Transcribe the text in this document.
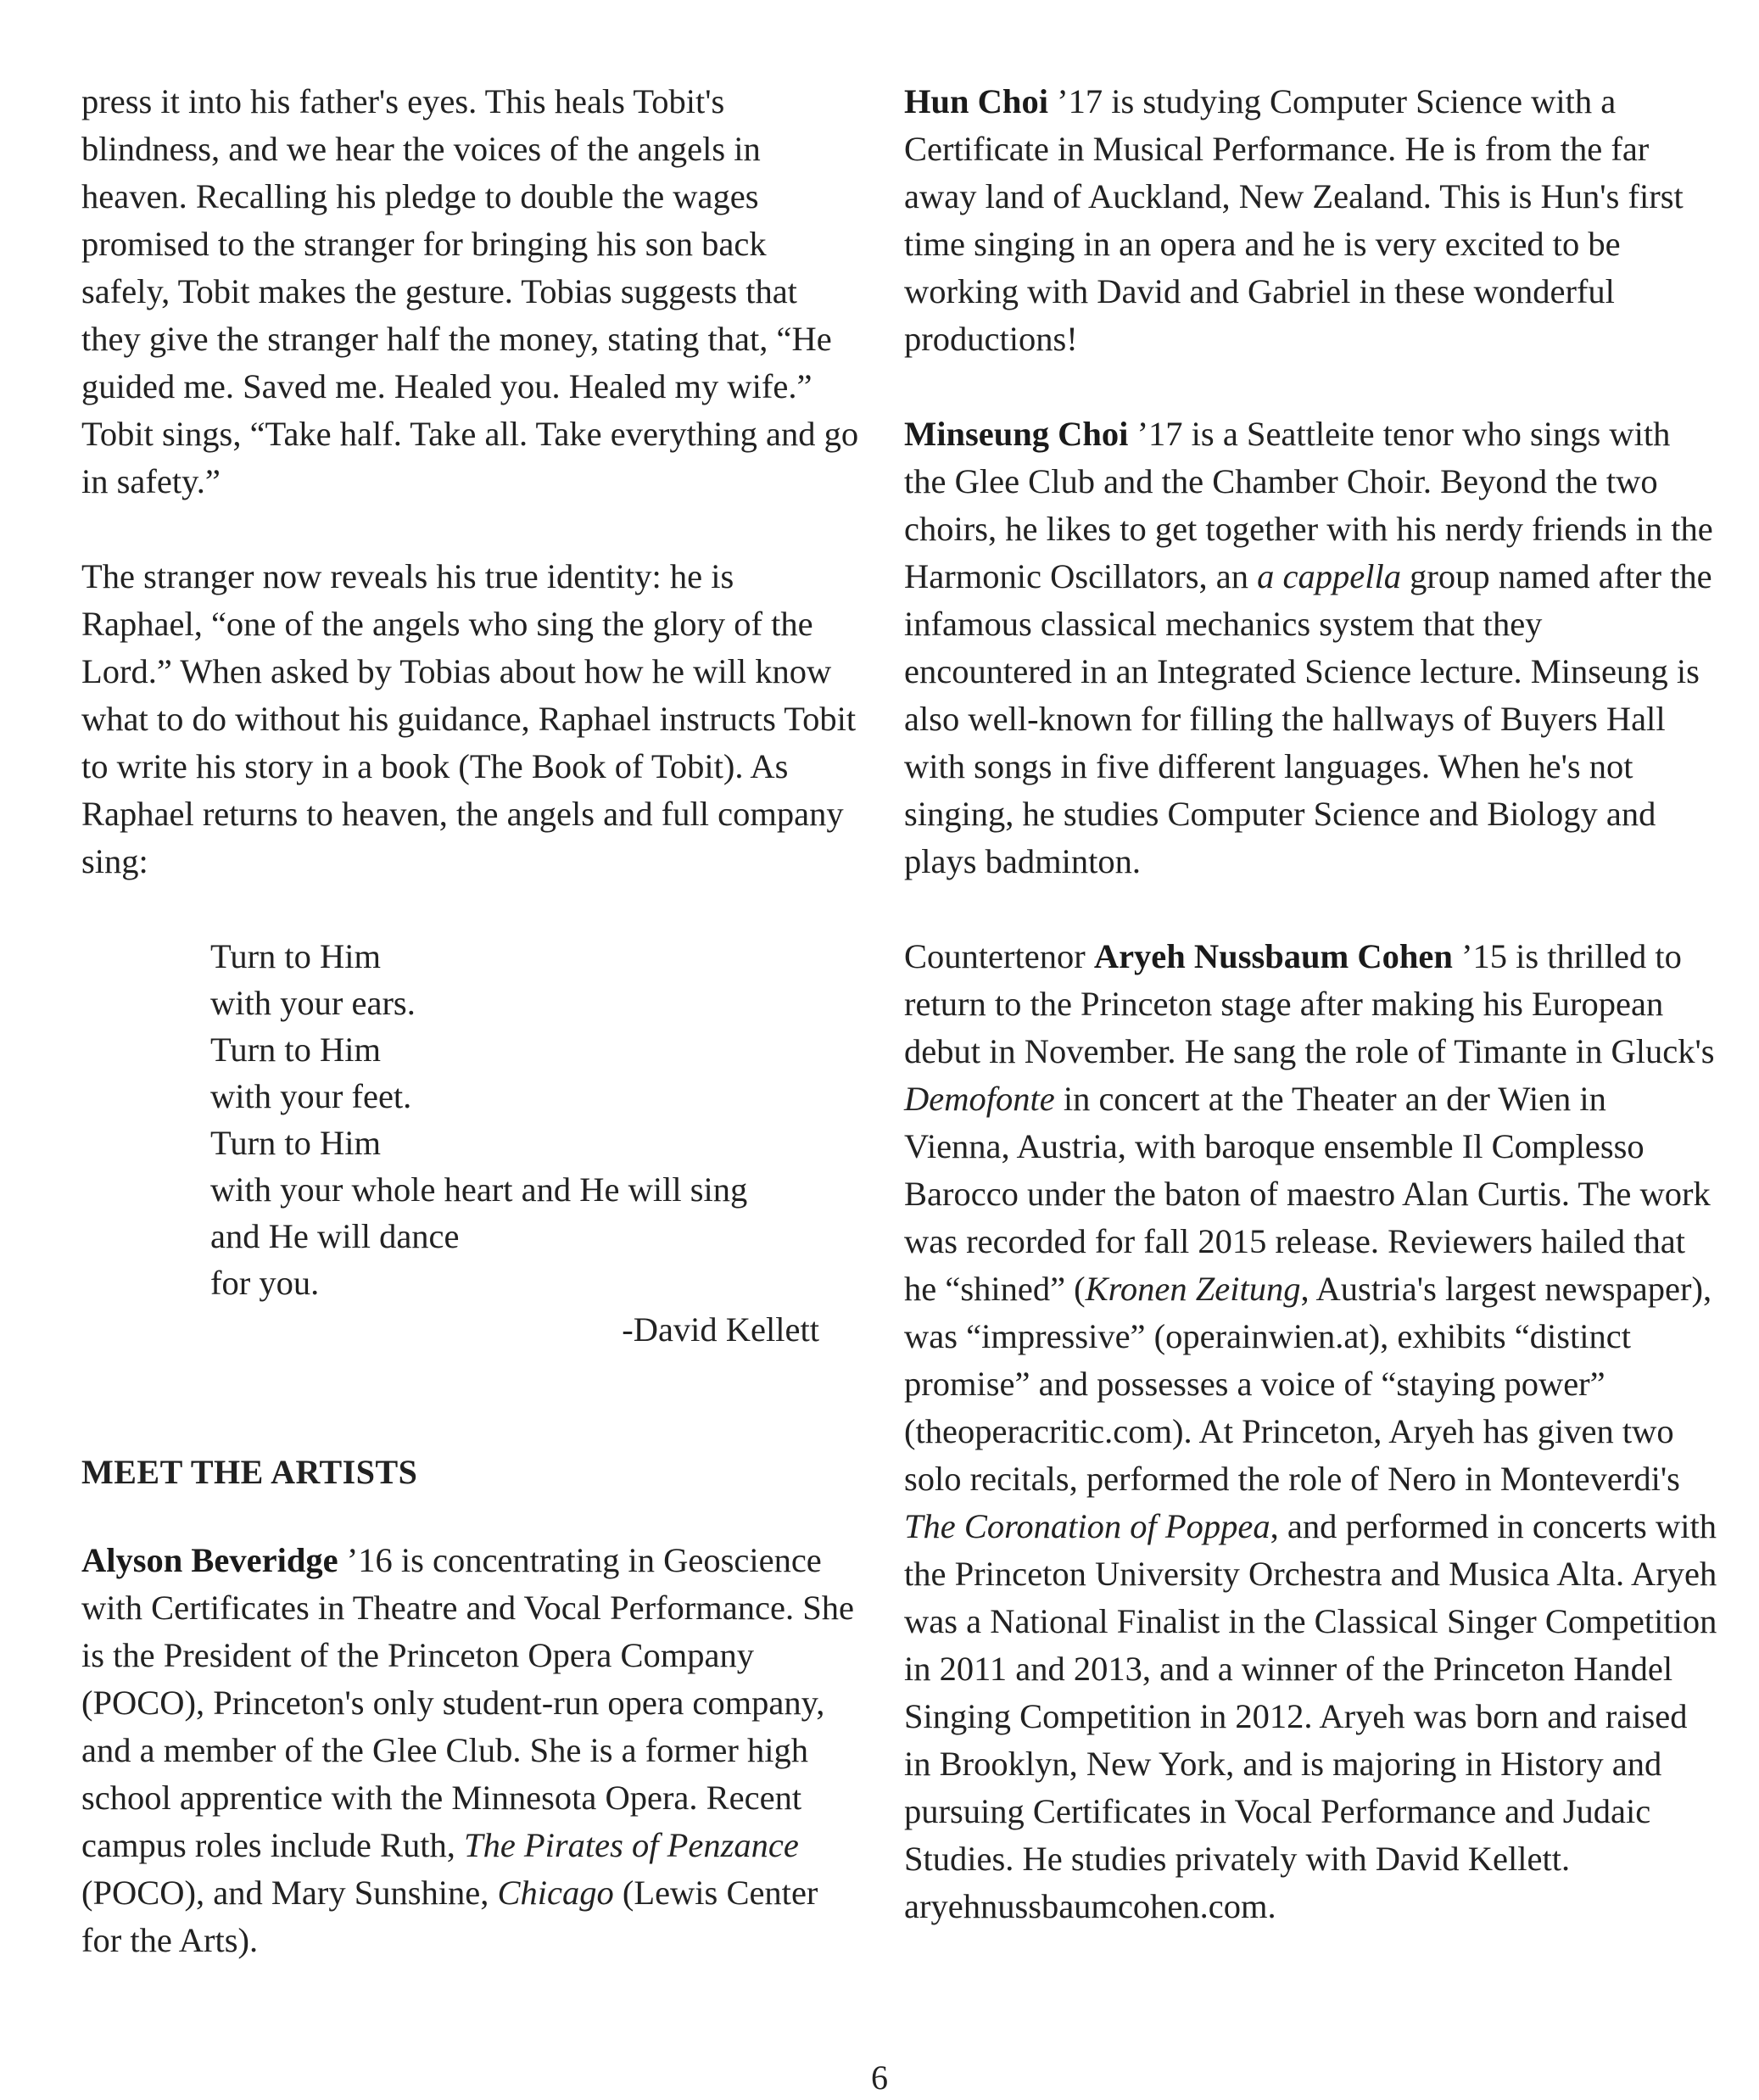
press it into his father's eyes. This heals Tobit's blindness, and we hear the voices of the angels in heaven. Recalling his pledge to double the wages promised to the stranger for bringing his son back safely, Tobit makes the gesture. Tobias suggests that they give the stranger half the money, stating that, “He guided me. Saved me. Healed you. Healed my wife.” Tobit sings, “Take half. Take all. Take everything and go in safety.”

The stranger now reveals his true identity: he is Raphael, “one of the angels who sing the glory of the Lord.” When asked by Tobias about how he will know what to do without his guidance, Raphael instructs Tobit to write his story in a book (The Book of Tobit). As Raphael returns to heaven, the angels and full company sing:

Turn to Him
with your ears.
Turn to Him
with your feet.
Turn to Him
with your whole heart and He will sing
and He will dance
for you.
-David Kellett
MEET THE ARTISTS

Alyson Beveridge ’16 is concentrating in Geoscience with Certificates in Theatre and Vocal Performance. She is the President of the Princeton Opera Company (POCO), Princeton's only student-run opera company, and a member of the Glee Club. She is a former high school apprentice with the Minnesota Opera. Recent campus roles include Ruth, The Pirates of Penzance (POCO), and Mary Sunshine, Chicago (Lewis Center for the Arts).

Hun Choi ’17 is studying Computer Science with a Certificate in Musical Performance. He is from the far away land of Auckland, New Zealand. This is Hun's first time singing in an opera and he is very excited to be working with David and Gabriel in these wonderful productions!

Minseung Choi ’17 is a Seattleite tenor who sings with the Glee Club and the Chamber Choir. Beyond the two choirs, he likes to get together with his nerdy friends in the Harmonic Oscillators, an a cappella group named after the infamous classical mechanics system that they encountered in an Integrated Science lecture. Minseung is also well-known for filling the hallways of Buyers Hall with songs in five different languages. When he's not singing, he studies Computer Science and Biology and plays badminton.

Countertenor Aryeh Nussbaum Cohen ’15 is thrilled to return to the Princeton stage after making his European debut in November. He sang the role of Timante in Gluck's Demofonte in concert at the Theater an der Wien in Vienna, Austria, with baroque ensemble Il Complesso Barocco under the baton of maestro Alan Curtis. The work was recorded for fall 2015 release. Reviewers hailed that he “shined” (Kronen Zeitung, Austria's largest newspaper), was “impressive” (operainwien.at), exhibits “distinct promise” and possesses a voice of “staying power” (theoperacritic.com). At Princeton, Aryeh has given two solo recitals, performed the role of Nero in Monteverdi's The Coronation of Poppea, and performed in concerts with the Princeton University Orchestra and Musica Alta. Aryeh was a National Finalist in the Classical Singer Competition in 2011 and 2013, and a winner of the Princeton Handel Singing Competition in 2012. Aryeh was born and raised in Brooklyn, New York, and is majoring in History and pursuing Certificates in Vocal Performance and Judaic Studies. He studies privately with David Kellett. aryehnussbaumcohen.com.

6
